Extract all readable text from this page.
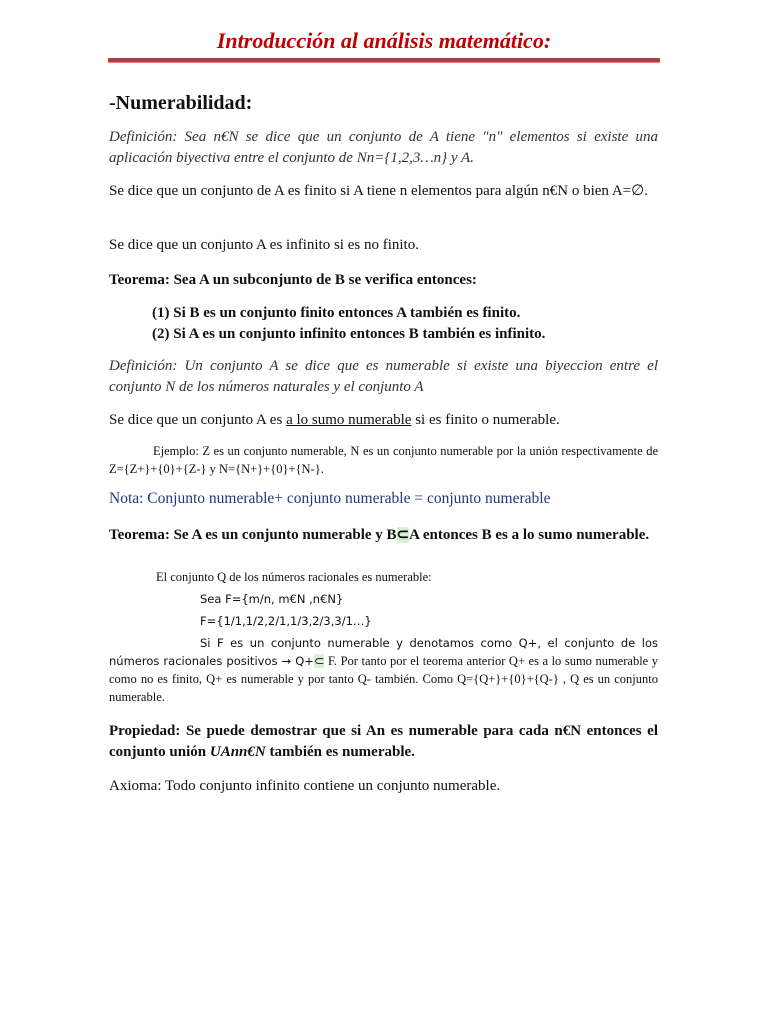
Introducción al análisis matemático:
-Numerabilidad:

Definición: Sea n€N se dice que un conjunto de A tiene "n" elementos si existe una aplicación biyectiva entre el conjunto de Nn={1,2,3…n} y A.

Se dice que un conjunto de A es finito si A tiene n elementos para algún n€N o bien A=∅.

Se dice que un conjunto A es infinito si es no finito.

Teorema: Sea A un subconjunto de B se verifica entonces:

(1) Si B es un conjunto finito entonces A también es finito.

(2) Si A es un conjunto infinito entonces B también es infinito.

Definición: Un conjunto A se dice que es numerable si existe una biyeccion entre el conjunto N de los números naturales y el conjunto A

Se dice que un conjunto A es a lo sumo numerable si es finito o numerable.

Ejemplo: Z es un conjunto numerable, N es un conjunto numerable por la unión respectivamente de Z={Z+}+{0}+{Z-} y N={N+}+{0}+{N-}.

Nota: Conjunto numerable+ conjunto numerable = conjunto numerable

Teorema: Se A es un conjunto numerable y B⊂A entonces B es a lo sumo numerable.

El conjunto Q de los números racionales es numerable:

Sea F={m/n, m€N ,n€N}

F={1/1,1/2,2/1,1/3,2/3,3/1…}

Si F es un conjunto numerable y denotamos como Q+, el conjunto de los números racionales positivos → Q+⊂ F. Por tanto por el teorema anterior Q+ es a lo sumo numerable y como no es finito, Q+ es numerable y por tanto Q- también. Como Q={Q+}+{0}+{Q-} , Q es un conjunto numerable.

Propiedad: Se puede demostrar que si An es numerable para cada n€N entonces el conjunto unión UAnn€N también es numerable.

Axioma: Todo conjunto infinito contiene un conjunto numerable.
